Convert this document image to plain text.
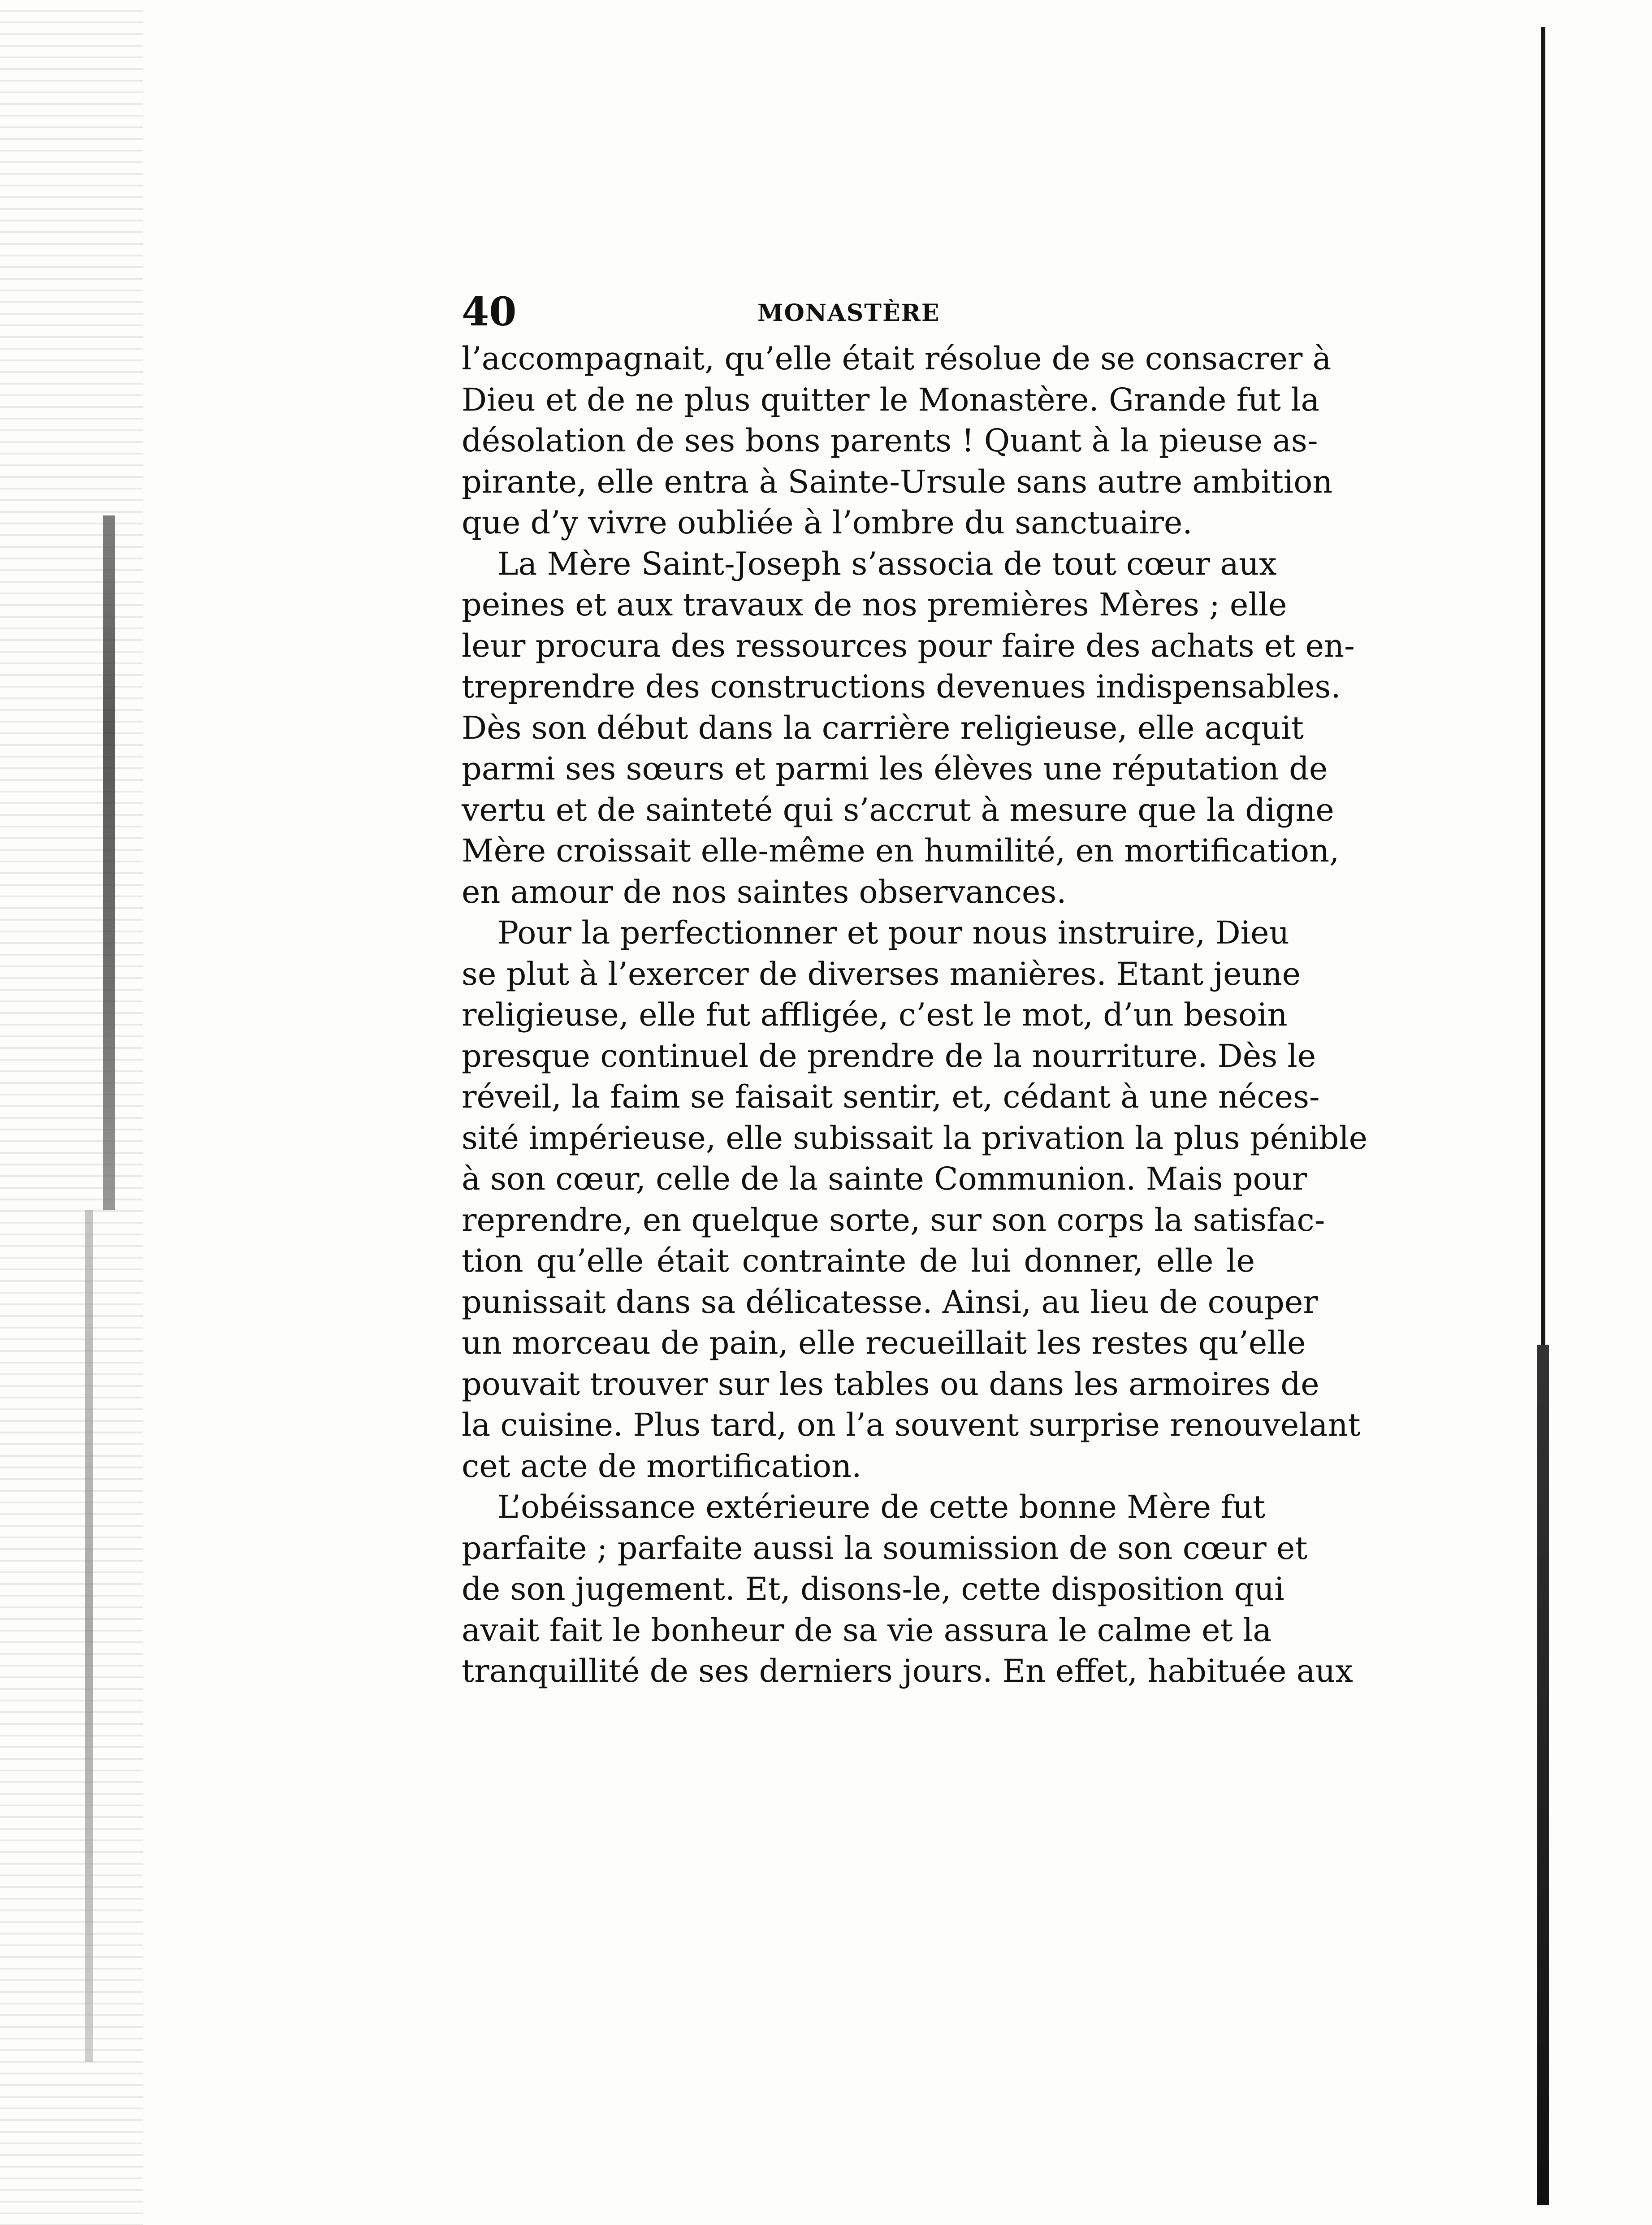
40	MONASTÈRE
l’accompagnait, qu’elle était résolue de se consacrer à
Dieu et de ne plus quitter le Monastère. Grande fut la
désolation de ses bons parents ! Quant à la pieuse as-
pirante, elle entra à Sainte-Ursule sans autre ambition
que d’y vivre oubliée à l’ombre du sanctuaire.
La Mère Saint-Joseph s’associa de tout cœur aux
peines et aux travaux de nos premières Mères ; elle
leur procura des ressources pour faire des achats et en-
treprendre des constructions devenues indispensables.
Dès son début dans la carrière religieuse, elle acquit
parmi ses sœurs et parmi les élèves une réputation de
vertu et de sainteté qui s’accrut à mesure que la digne
Mère croissait elle-même en humilité, en mortification,
en amour de nos saintes observances.
Pour la perfectionner et pour nous instruire, Dieu
se plut à l’exercer de diverses manières. Etant jeune
religieuse, elle fut affligée, c’est le mot, d’un besoin
presque continuel de prendre de la nourriture. Dès le
réveil, la faim se faisait sentir, et, cédant à une néces-
sité impérieuse, elle subissait la privation la plus pénible
à son cœur, celle de la sainte Communion. Mais pour
reprendre, en quelque sorte, sur son corps la satisfac-
tion qu’elle était contrainte de lui donner, elle le
punissait dans sa délicatesse. Ainsi, au lieu de couper
un morceau de pain, elle recueillait les restes qu’elle
pouvait trouver sur les tables ou dans les armoires de
la cuisine. Plus tard, on l’a souvent surprise renouvelant
cet acte de mortification.
L’obéissance extérieure de cette bonne Mère fut
parfaite ; parfaite aussi la soumission de son cœur et
de son jugement. Et, disons-le, cette disposition qui
avait fait le bonheur de sa vie assura le calme et la
tranquillité de ses derniers jours. En effet, habituée aux
